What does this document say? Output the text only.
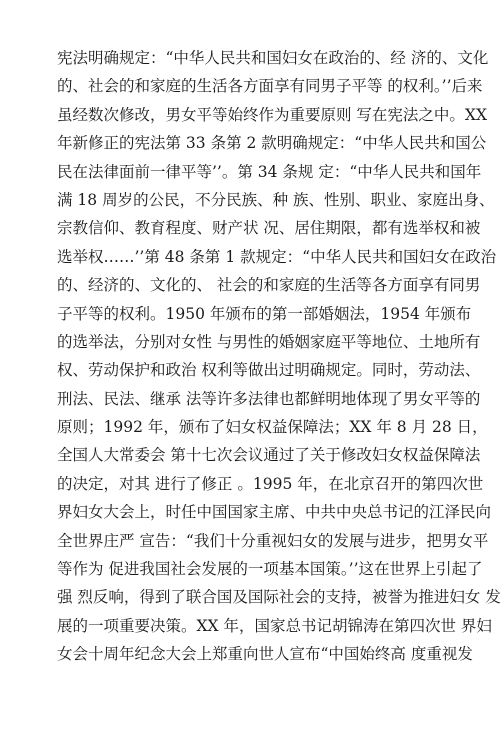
宪法明确规定：“中华人民共和国妇女在政治的、经 济的、文化
的、社会的和家庭的生活各方面享有同男子平等 的权利。’’后来
虽经数次修改，男女平等始终作为重要原则 写在宪法之中。XX
年新修正的宪法第 33 条第 2 款明确规定：“中华人民共和国公
民在法律面前一律平等’’。第 34 条规 定：“中华人民共和国年
满 18 周岁的公民，不分民族、种 族、性别、职业、家庭出身、
宗教信仰、教育程度、财产状 况、居住期限，都有选举权和被
选举权……’’第 48 条第 1 款规定：“中华人民共和国妇女在政治
的、经济的、文化的、 社会的和家庭的生活等各方面享有同男
子平等的权利。1950 年颁布的第一部婚姻法，1954 年颁布
的选举法，分别对女性 与男性的婚姻家庭平等地位、土地所有
权、劳动保护和政治 权利等做出过明确规定。同时，劳动法、
刑法、民法、继承 法等许多法律也都鲜明地体现了男女平等的
原则；1992 年，颁布了妇女权益保障法；XX 年 8 月 28 日，
全国人大常委会 第十七次会议通过了关于修改妇女权益保障法
的决定，对其 进行了修正 。1995 年，在北京召开的第四次世
界妇女大会上，时任中国国家主席、中共中央总书记的江泽民向
全世界庄严 宣告：“我们十分重视妇女的发展与进步，把男女平
等作为 促进我国社会发展的一项基本国策。’’这在世界上引起了
强 烈反响，得到了联合国及国际社会的支持，被誉为推进妇女 发
展的一项重要决策。XX 年，国家总书记胡锦涛在第四次世 界妇
女会十周年纪念大会上郑重向世人宣布“中国始终高 度重视发
